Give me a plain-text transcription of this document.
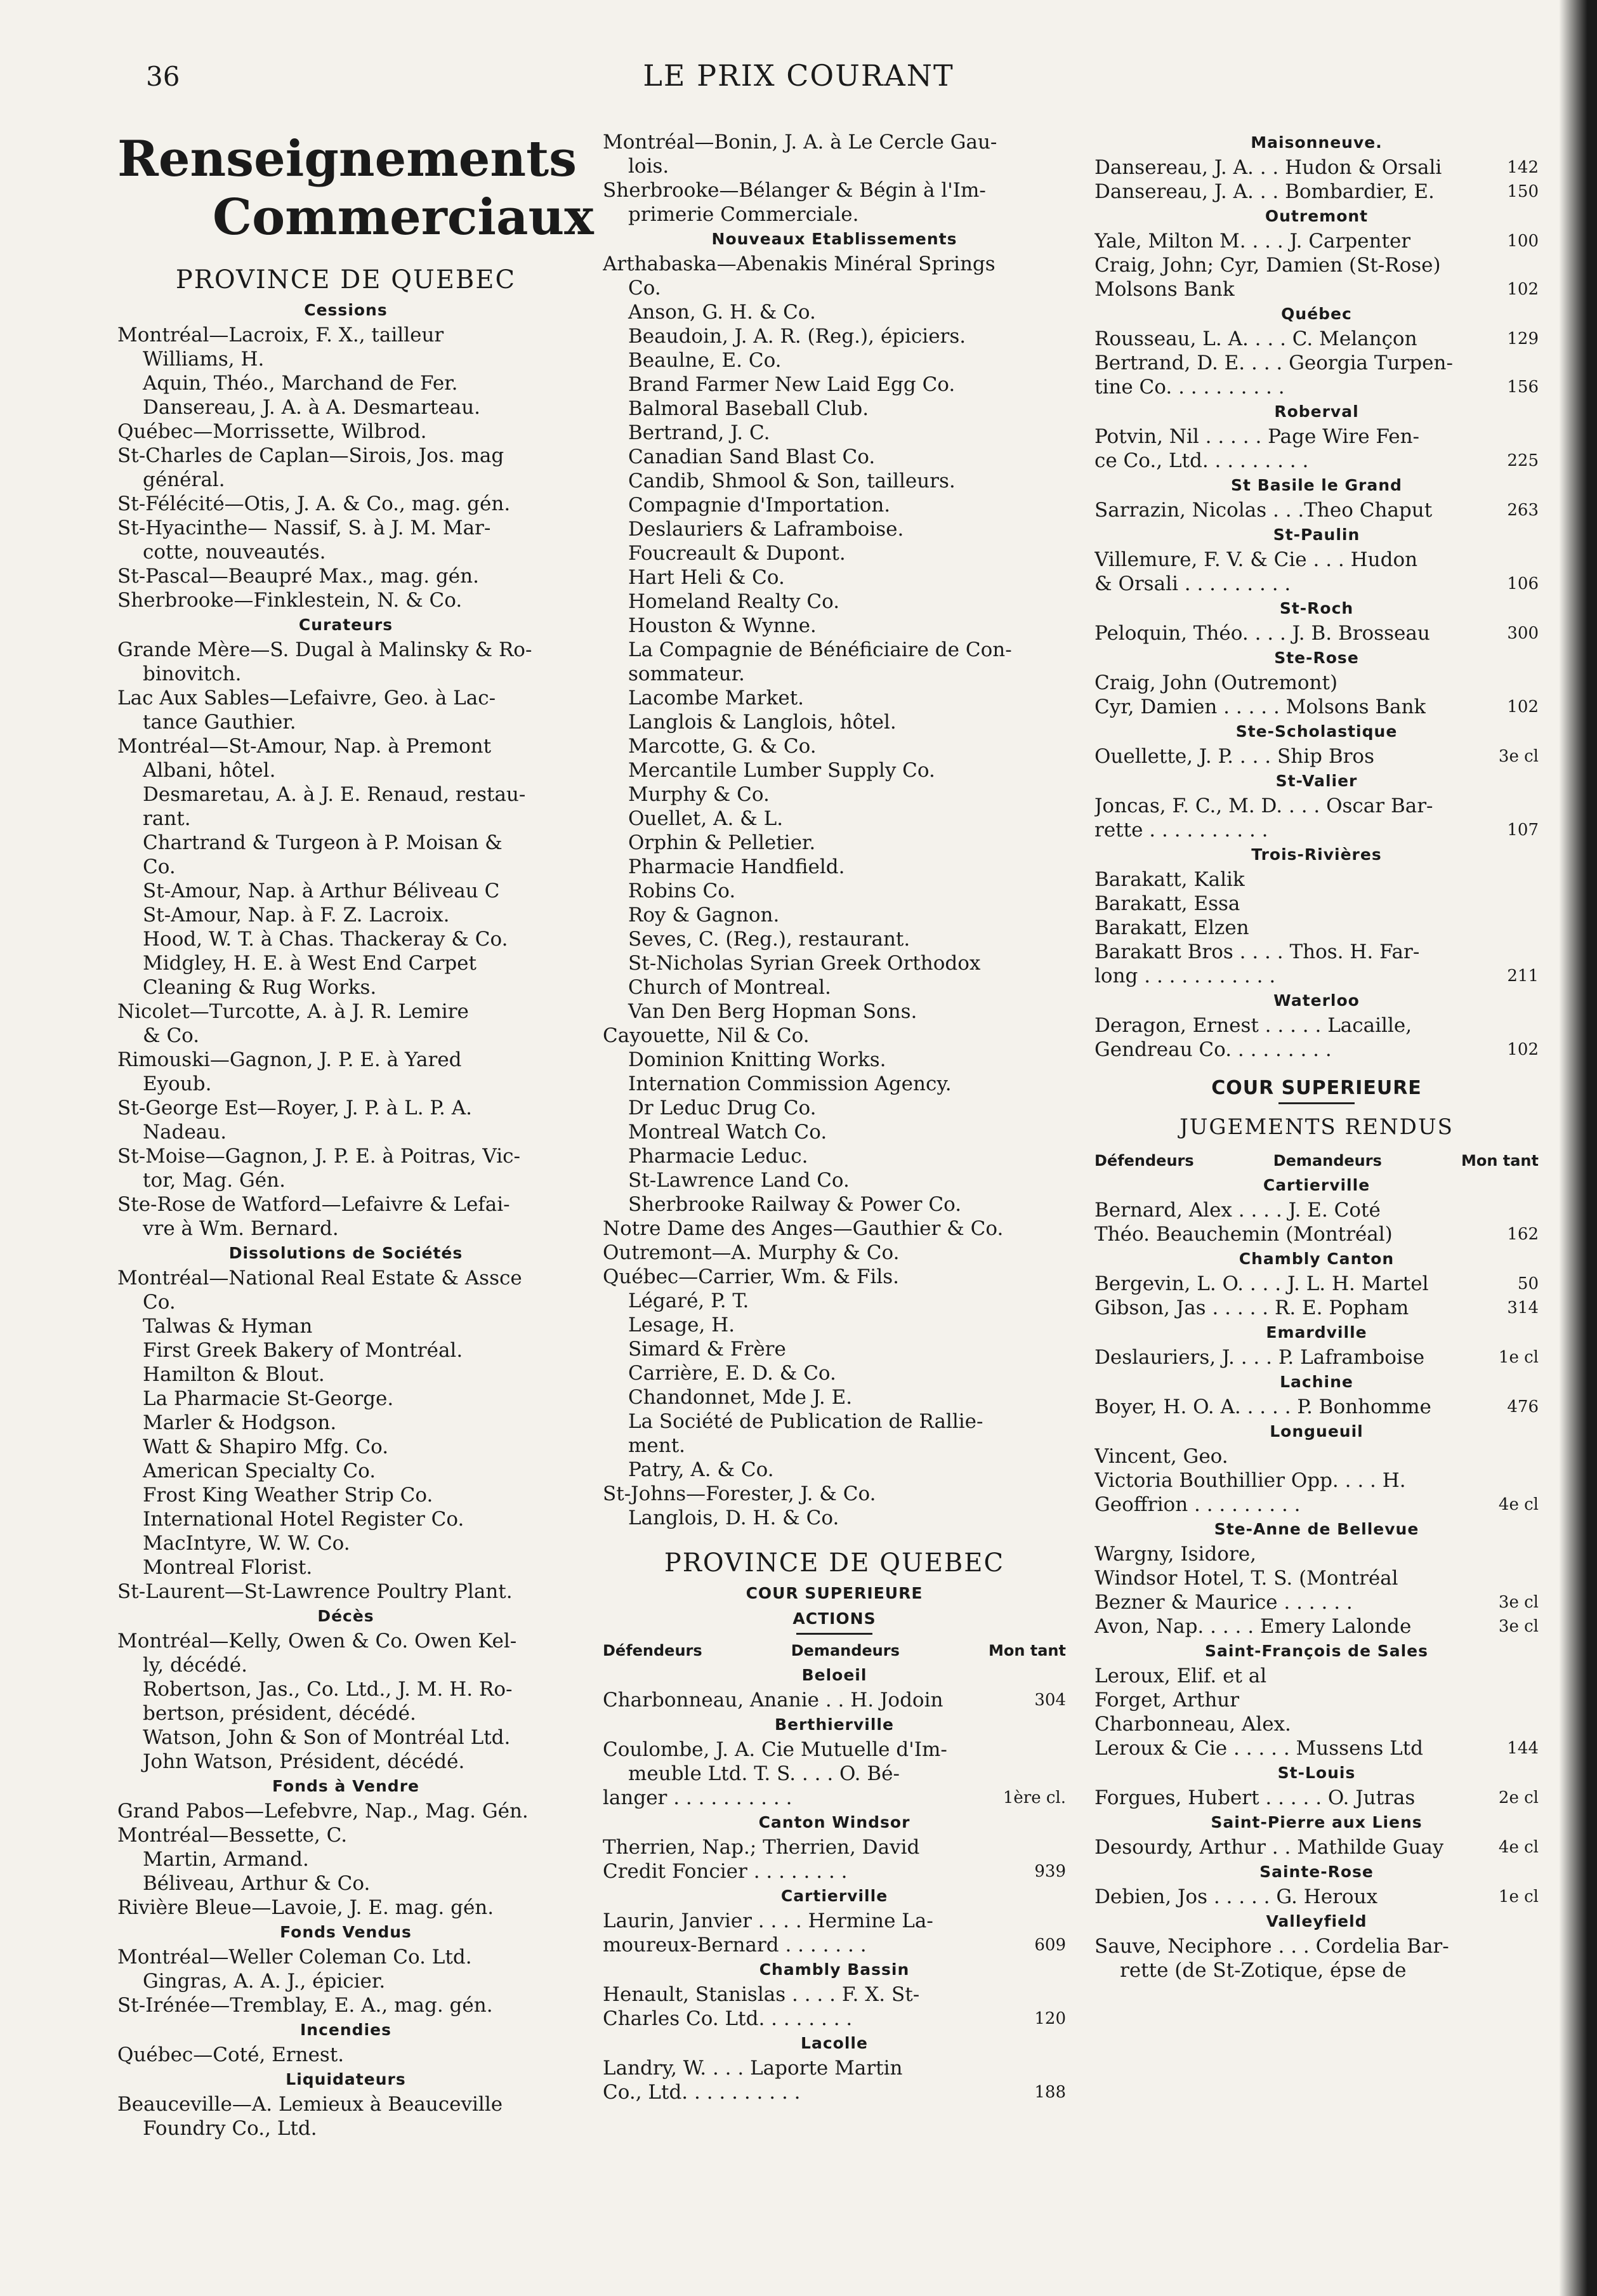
36	LE PRIX COURANT
Renseignements
Commerciaux
PROVINCE DE QUEBEC
Cessions
Montréal—Lacroix, F. X., tailleur
Williams, H.
Aquin, Théo., Marchand de Fer.
Dansereau, J. A. à A. Desmarteau.
Québec—Morrissette, Wilbrod.
St-Charles de Caplan—Sirois, Jos. mag
général.
St-Félécité—Otis, J. A. & Co., mag. gén.
St-Hyacinthe— Nassif, S. à J. M. Mar-
cotte, nouveautés.
St-Pascal—Beaupré Max., mag. gén.
Sherbrooke—Finklestein, N. & Co.
Curateurs
Grande Mère—S. Dugal à Malinsky & Ro-
binovitch.
Lac Aux Sables—Lefaivre, Geo. à Lac-
tance Gauthier.
Montréal—St-Amour, Nap. à Premont
Albani, hôtel.
Desmaretau, A. à J. E. Renaud, restau-
rant.
Chartrand & Turgeon à P. Moisan &
Co.
St-Amour, Nap. à Arthur Béliveau C
St-Amour, Nap. à F. Z. Lacroix.
Hood, W. T. à Chas. Thackeray & Co.
Midgley, H. E. à West End Carpet
Cleaning & Rug Works.
Nicolet—Turcotte, A. à J. R. Lemire
& Co.
Rimouski—Gagnon, J. P. E. à Yared
Eyoub.
St-George Est—Royer, J. P. à L. P. A.
Nadeau.
St-Moise—Gagnon, J. P. E. à Poitras, Vic-
tor, Mag. Gén.
Ste-Rose de Watford—Lefaivre & Lefai-
vre à Wm. Bernard.
Dissolutions de Sociétés
Montréal—National Real Estate & Assce
Co.
Talwas & Hyman
First Greek Bakery of Montréal.
Hamilton & Blout.
La Pharmacie St-George.
Marler & Hodgson.
Watt & Shapiro Mfg. Co.
American Specialty Co.
Frost King Weather Strip Co.
International Hotel Register Co.
MacIntyre, W. W. Co.
Montreal Florist.
St-Laurent—St-Lawrence Poultry Plant.
Décès
Montréal—Kelly, Owen & Co. Owen Kel-
ly, décédé.
Robertson, Jas., Co. Ltd., J. M. H. Ro-
bertson, président, décédé.
Watson, John & Son of Montréal Ltd.
John Watson, Président, décédé.
Fonds à Vendre
Grand Pabos—Lefebvre, Nap., Mag. Gén.
Montréal—Bessette, C.
Martin, Armand.
Béliveau, Arthur & Co.
Rivière Bleue—Lavoie, J. E. mag. gén.
Fonds Vendus
Montréal—Weller Coleman Co. Ltd.
Gingras, A. A. J., épicier.
St-Irénée—Tremblay, E. A., mag. gén.
Incendies
Québec—Coté, Ernest.
Liquidateurs
Beauceville—A. Lemieux à Beauceville
Foundry Co., Ltd.
Montréal—Bonin, J. A. à Le Cercle Gau-
lois.
Sherbrooke—Bélanger & Bégin à l'Im-
primerie Commerciale.
Nouveaux Etablissements
Arthabaska—Abenakis Minéral Springs
Co.
Anson, G. H. & Co.
Beaudoin, J. A. R. (Reg.), épiciers.
Beaulne, E. Co.
Brand Farmer New Laid Egg Co.
Balmoral Baseball Club.
Bertrand, J. C.
Canadian Sand Blast Co.
Candib, Shmool & Son, tailleurs.
Compagnie d'Importation.
Deslauriers & Laframboise.
Foucreault & Dupont.
Hart Heli & Co.
Homeland Realty Co.
Houston & Wynne.
La Compagnie de Bénéficiaire de Con-
sommateur.
Lacombe Market.
Langlois & Langlois, hôtel.
Marcotte, G. & Co.
Mercantile Lumber Supply Co.
Murphy & Co.
Ouellet, A. & L.
Orphin & Pelletier.
Pharmacie Handfield.
Robins Co.
Roy & Gagnon.
Seves, C. (Reg.), restaurant.
St-Nicholas Syrian Greek Orthodox
Church of Montreal.
Van Den Berg Hopman Sons.
Cayouette, Nil & Co.
Dominion Knitting Works.
Internation Commission Agency.
Dr Leduc Drug Co.
Montreal Watch Co.
Pharmacie Leduc.
St-Lawrence Land Co.
Sherbrooke Railway & Power Co.
Notre Dame des Anges—Gauthier & Co.
Outremont—A. Murphy & Co.
Québec—Carrier, Wm. & Fils.
Légaré, P. T.
Lesage, H.
Simard & Frère
Carrière, E. D. & Co.
Chandonnet, Mde J. E.
La Société de Publication de Rallie-
ment.
Patry, A. & Co.
St-Johns—Forester, J. & Co.
Langlois, D. H. & Co.
PROVINCE DE QUEBEC
COUR SUPERIEURE
ACTIONS
Défendeurs	Demandeurs	Mon tant
Beloeil
Charbonneau, Ananie . . H. Jodoin	304
Berthierville
Coulombe, J. A. Cie Mutuelle d'Im-
meuble Ltd. T. S. . . . O. Bé-
langer . . . . . . . . . .	1ère cl.
Canton Windsor
Therrien, Nap.; Therrien, David
Credit Foncier . . . . . . . .	939
Cartierville
Laurin, Janvier . . . . Hermine La-
moureux-Bernard . . . . . . .	609
Chambly Bassin
Henault, Stanislas . . . . F. X. St-
Charles Co. Ltd. . . . . . . .	120
Lacolle
Landry, W. . . . Laporte Martin
Co., Ltd. . . . . . . . . .	188
Maisonneuve.
Dansereau, J. A. . . Hudon & Orsali	142
Dansereau, J. A. . . Bombardier, E.	150
Outremont
Yale, Milton M. . . . J. Carpenter	100
Craig, John; Cyr, Damien (St-Rose)
Molsons Bank	102
Québec
Rousseau, L. A. . . . C. Melançon	129
Bertrand, D. E. . . . Georgia Turpen-
tine Co. . . . . . . . . .	156
Roberval
Potvin, Nil . . . . . Page Wire Fen-
ce Co., Ltd. . . . . . . . .	225
St Basile le Grand
Sarrazin, Nicolas . . .Theo Chaput	263
St-Paulin
Villemure, F. V. & Cie . . . Hudon
& Orsali . . . . . . . . .	106
St-Roch
Peloquin, Théo. . . . J. B. Brosseau	300
Ste-Rose
Craig, John (Outremont)
Cyr, Damien . . . . . Molsons Bank	102
Ste-Scholastique
Ouellette, J. P. . . . Ship Bros	3e cl
St-Valier
Joncas, F. C., M. D. . . . Oscar Bar-
rette . . . . . . . . . .	107
Trois-Rivières
Barakatt, Kalik
Barakatt, Essa
Barakatt, Elzen
Barakatt Bros . . . . Thos. H. Far-
long . . . . . . . . . . .	211
Waterloo
Deragon, Ernest . . . . . Lacaille,
Gendreau Co. . . . . . . . .	102
COUR SUPERIEURE
JUGEMENTS RENDUS
Défendeurs	Demandeurs	Mon tant
Cartierville
Bernard, Alex . . . . J. E. Coté
Théo. Beauchemin (Montréal)	162
Chambly Canton
Bergevin, L. O. . . . J. L. H. Martel	50
Gibson, Jas . . . . . R. E. Popham	314
Emardville
Deslauriers, J. . . . P. Laframboise	1e cl
Lachine
Boyer, H. O. A. . . . . P. Bonhomme	476
Longueuil
Vincent, Geo.
Victoria Bouthillier Opp. . . . H.
Geoffrion . . . . . . . . .	4e cl
Ste-Anne de Bellevue
Wargny, Isidore,
Windsor Hotel, T. S. (Montréal
Bezner & Maurice . . . . . .	3e cl
Avon, Nap. . . . . Emery Lalonde	3e cl
Saint-François de Sales
Leroux, Elif. et al
Forget, Arthur
Charbonneau, Alex.
Leroux & Cie . . . . . Mussens Ltd	144
St-Louis
Forgues, Hubert . . . . . O. Jutras	2e cl
Saint-Pierre aux Liens
Desourdy, Arthur . . Mathilde Guay	4e cl
Sainte-Rose
Debien, Jos . . . . . G. Heroux	1e cl
Valleyfield
Sauve, Neciphore . . . Cordelia Bar-
rette (de St-Zotique, épse de
